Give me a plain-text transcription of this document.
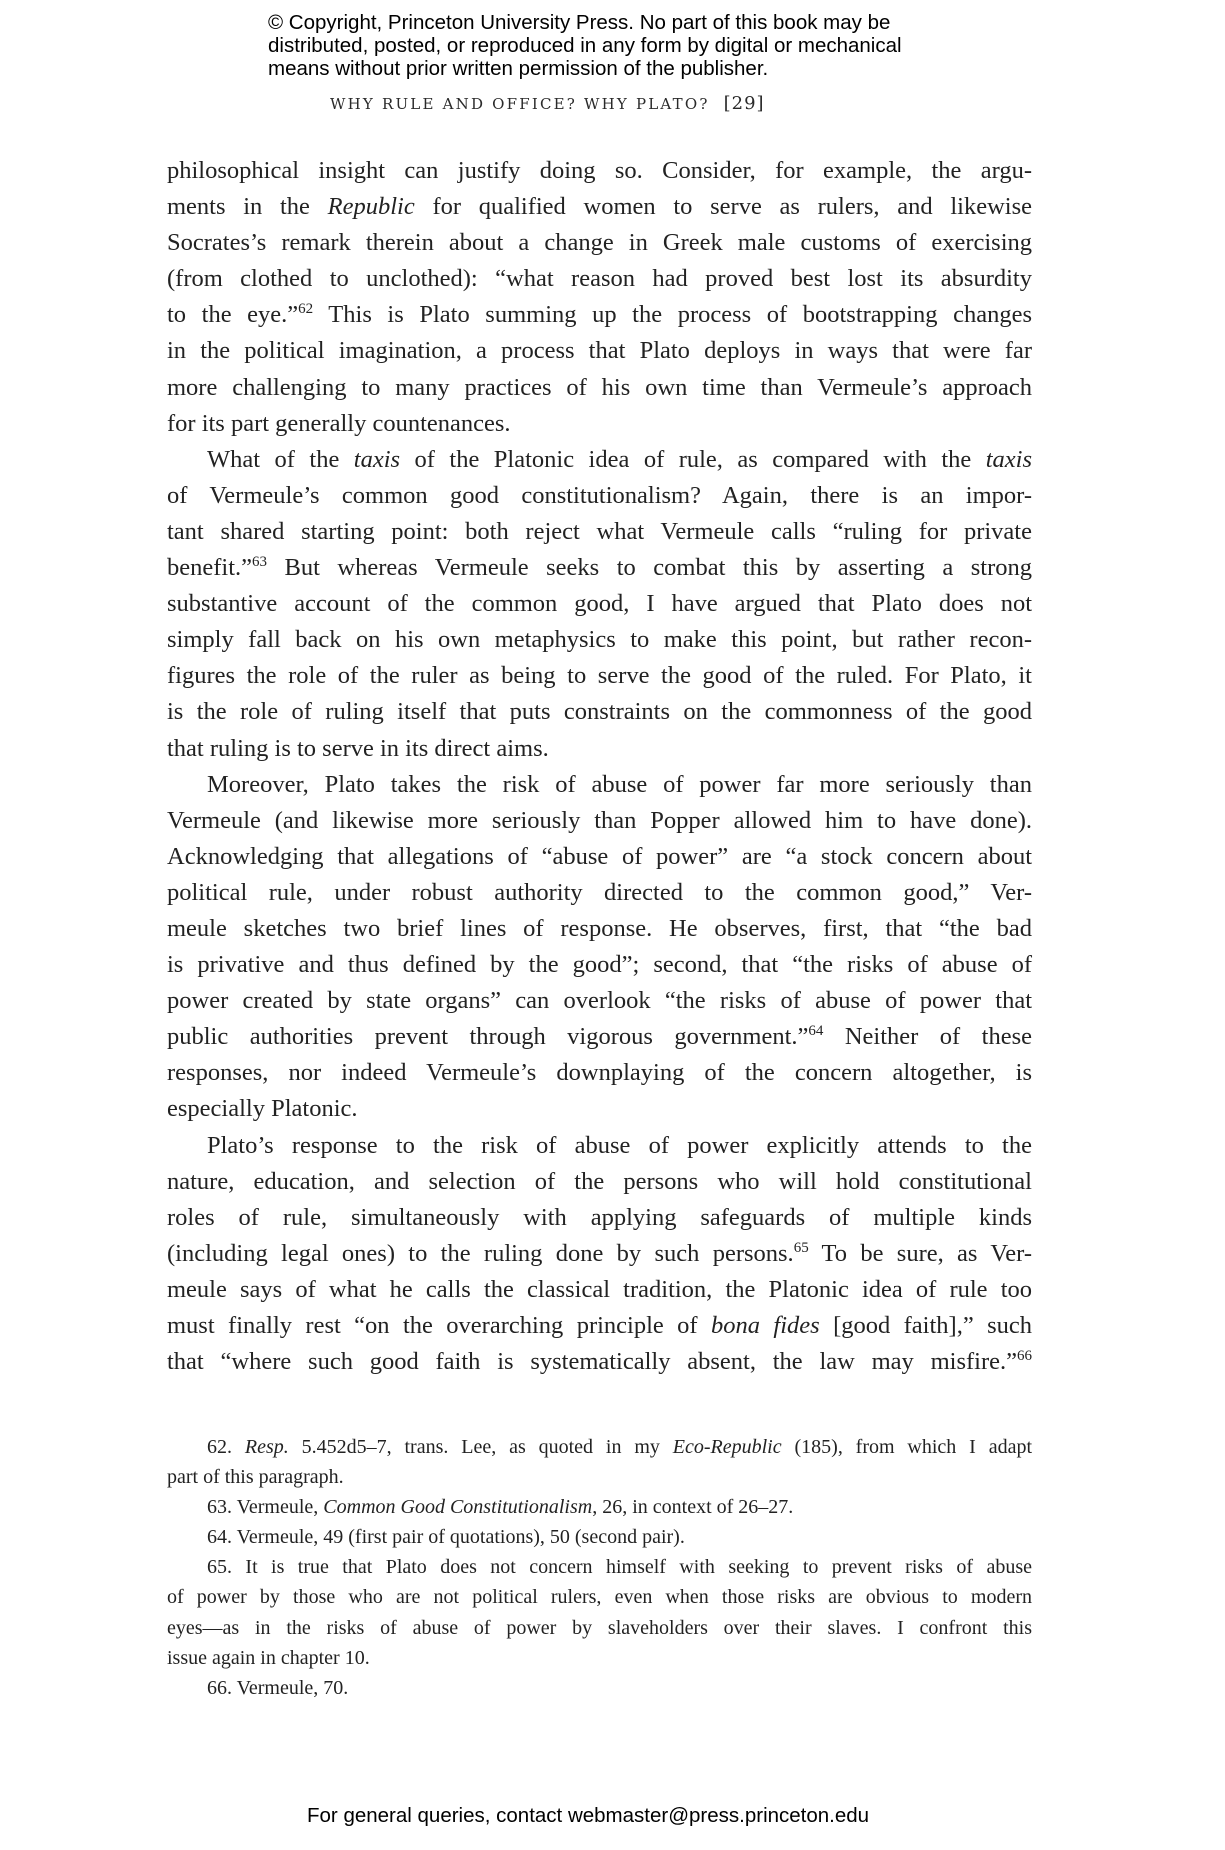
© Copyright, Princeton University Press. No part of this book may be
distributed, posted, or reproduced in any form by digital or mechanical
means without prior written permission of the publisher.
WHY RULE AND OFFICE? WHY PLATO? [29]
philosophical insight can justify doing so. Consider, for example, the argu-
ments in the Republic for qualified women to serve as rulers, and likewise
Socrates’s remark therein about a change in Greek male customs of exercising
(from clothed to unclothed): “what reason had proved best lost its absurdity
to the eye.”$^{62}$ This is Plato summing up the process of bootstrapping changes
in the political imagination, a process that Plato deploys in ways that were far
more challenging to many practices of his own time than Vermeule’s approach
for its part generally countenances.
What of the taxis of the Platonic idea of rule, as compared with the taxis
of Vermeule’s common good constitutionalism? Again, there is an impor-
tant shared starting point: both reject what Vermeule calls “ruling for private
benefit.”$^{63}$ But whereas Vermeule seeks to combat this by asserting a strong
substantive account of the common good, I have argued that Plato does not
simply fall back on his own metaphysics to make this point, but rather recon-
figures the role of the ruler as being to serve the good of the ruled. For Plato, it
is the role of ruling itself that puts constraints on the commonness of the good
that ruling is to serve in its direct aims.
Moreover, Plato takes the risk of abuse of power far more seriously than
Vermeule (and likewise more seriously than Popper allowed him to have done).
Acknowledging that allegations of “abuse of power” are “a stock concern about
political rule, under robust authority directed to the common good,” Ver-
meule sketches two brief lines of response. He observes, first, that “the bad
is privative and thus defined by the good”; second, that “the risks of abuse of
power created by state organs” can overlook “the risks of abuse of power that
public authorities prevent through vigorous government.”$^{64}$ Neither of these
responses, nor indeed Vermeule’s downplaying of the concern altogether, is
especially Platonic.
Plato’s response to the risk of abuse of power explicitly attends to the
nature, education, and selection of the persons who will hold constitutional
roles of rule, simultaneously with applying safeguards of multiple kinds
(including legal ones) to the ruling done by such persons.$^{65}$ To be sure, as Ver-
meule says of what he calls the classical tradition, the Platonic idea of rule too
must finally rest “on the overarching principle of bona fides [good faith],” such
that “where such good faith is systematically absent, the law may misfire.”$^{66}$
62. Resp. 5.452d5–7, trans. Lee, as quoted in my Eco-Republic (185), from which I adapt
part of this paragraph.
63. Vermeule, Common Good Constitutionalism, 26, in context of 26–27.
64. Vermeule, 49 (first pair of quotations), 50 (second pair).
65. It is true that Plato does not concern himself with seeking to prevent risks of abuse
of power by those who are not political rulers, even when those risks are obvious to modern
eyes—as in the risks of abuse of power by slaveholders over their slaves. I confront this
issue again in chapter 10.
66. Vermeule, 70.
For general queries, contact webmaster@press.princeton.edu
